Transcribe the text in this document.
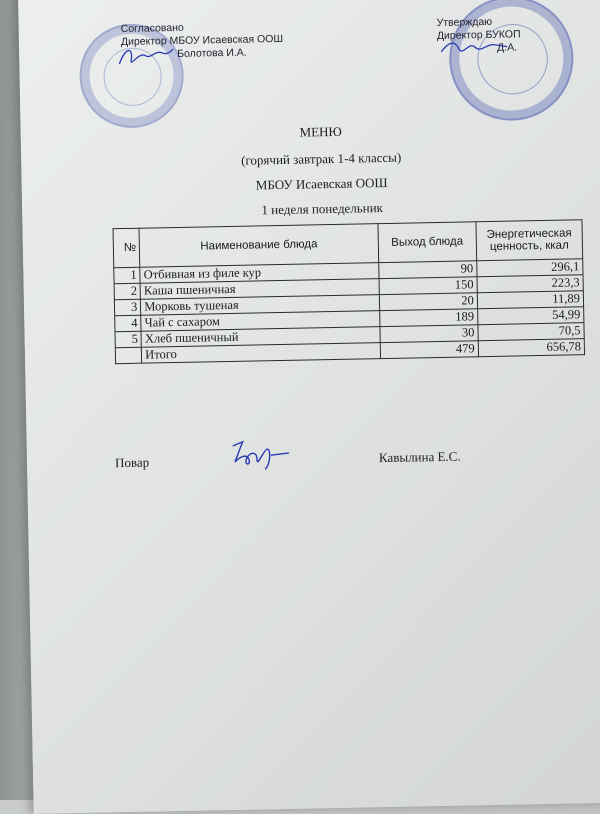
Согласовано
Директор МБОУ Исаевская ООШ
Болотова И.А.
Утверждаю
Директор БУКОП
Д.А.
МЕНЮ
(горячий завтрак 1-4 классы)
МБОУ Исаевская ООШ
1 неделя понедельник
№	Наименование блюда	Выход блюда	Энергетическая ценность, ккал
1	Отбивная из филе кур	90	296,1
2	Каша пшеничная	150	223,3
3	Морковь тушеная	20	11,89
4	Чай с сахаром	189	54,99
5	Хлеб пшеничный	30	70,5
	Итого	479	656,78
Повар	Кавылина Е.С.
